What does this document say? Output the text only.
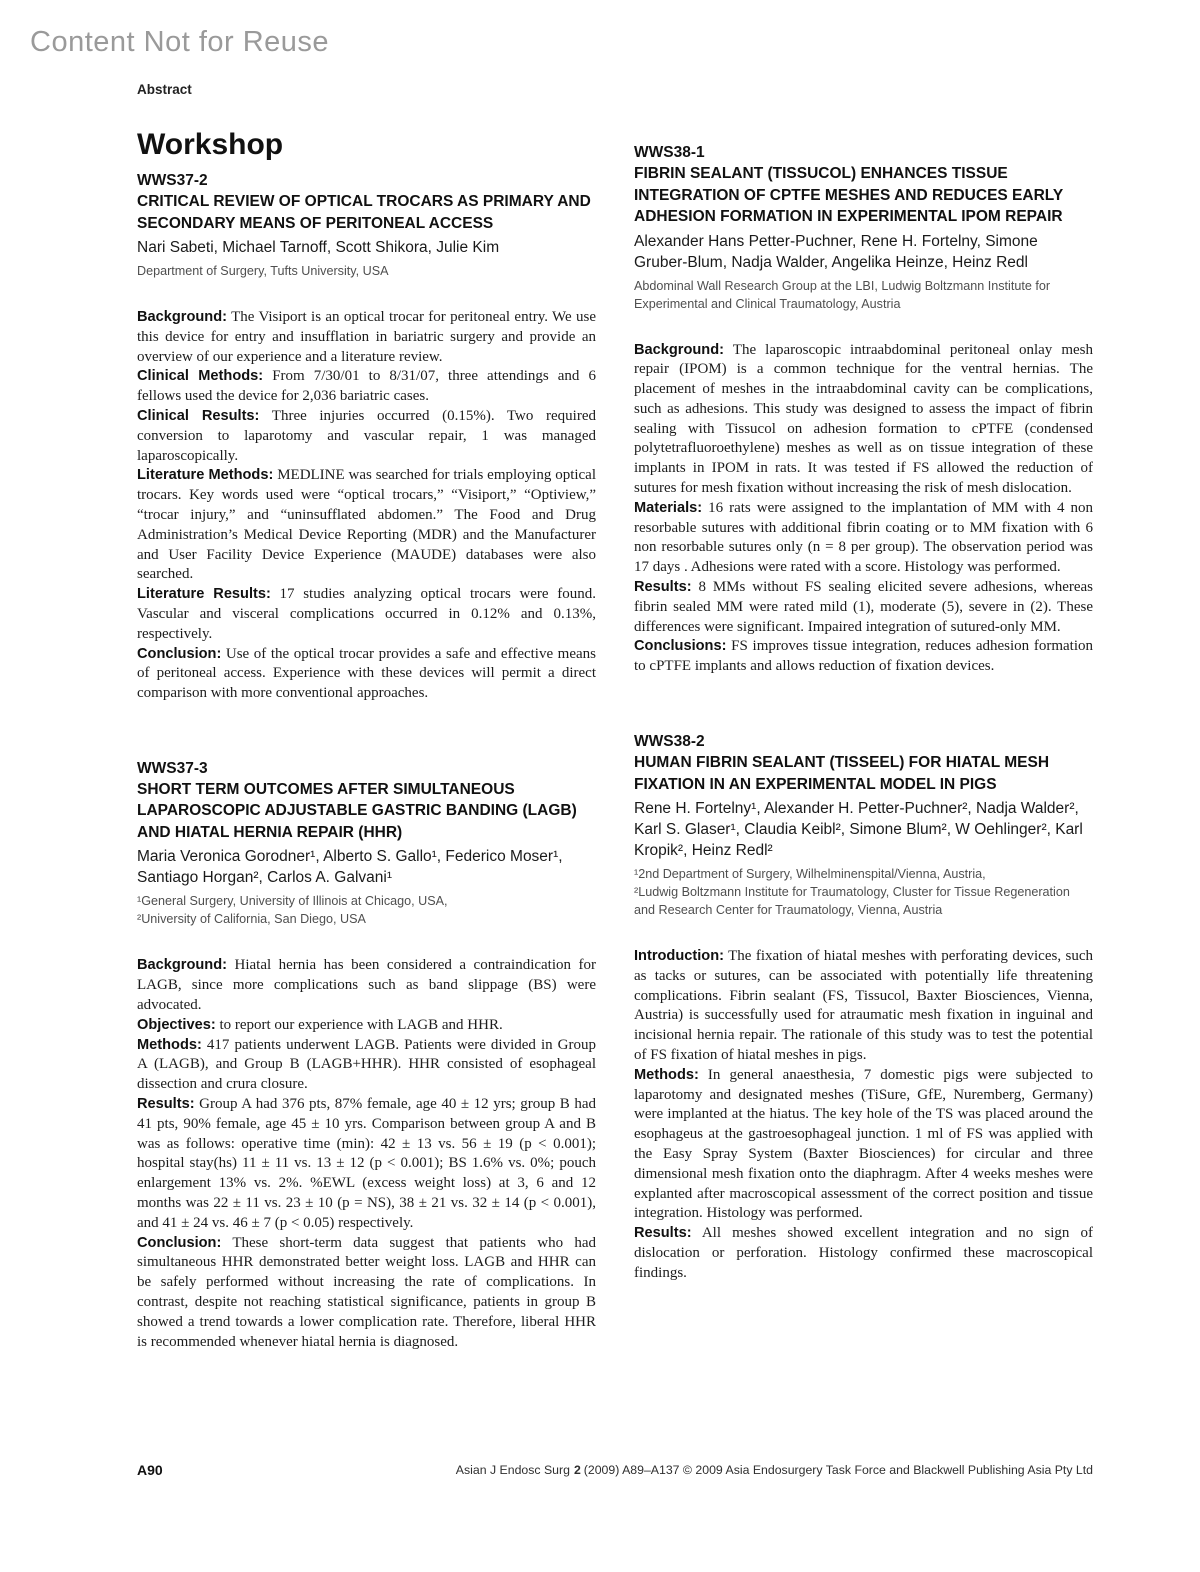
Content Not for Reuse
Abstract
Workshop
WWS37-2
CRITICAL REVIEW OF OPTICAL TROCARS AS PRIMARY AND SECONDARY MEANS OF PERITONEAL ACCESS
Nari Sabeti, Michael Tarnoff, Scott Shikora, Julie Kim
Department of Surgery, Tufts University, USA

Background: The Visiport is an optical trocar for peritoneal entry. We use this device for entry and insufflation in bariatric surgery and provide an overview of our experience and a literature review.

Clinical Methods: From 7/30/01 to 8/31/07, three attendings and 6 fellows used the device for 2,036 bariatric cases.

Clinical Results: Three injuries occurred (0.15%). Two required conversion to laparotomy and vascular repair, 1 was managed laparoscopically.

Literature Methods: MEDLINE was searched for trials employing optical trocars. Key words used were “optical trocars,” “Visiport,” “Optiview,” “trocar injury,” and “uninsufflated abdomen.” The Food and Drug Administration’s Medical Device Reporting (MDR) and the Manufacturer and User Facility Device Experience (MAUDE) databases were also searched.

Literature Results: 17 studies analyzing optical trocars were found. Vascular and visceral complications occurred in 0.12% and 0.13%, respectively.

Conclusion: Use of the optical trocar provides a safe and effective means of peritoneal access. Experience with these devices will permit a direct comparison with more conventional approaches.

WWS37-3
SHORT TERM OUTCOMES AFTER SIMULTANEOUS LAPAROSCOPIC ADJUSTABLE GASTRIC BANDING (LAGB) AND HIATAL HERNIA REPAIR (HHR)
Maria Veronica Gorodner¹, Alberto S. Gallo¹, Federico Moser¹, Santiago Horgan², Carlos A. Galvani¹
¹General Surgery, University of Illinois at Chicago, USA,
²University of California, San Diego, USA

Background: Hiatal hernia has been considered a contraindication for LAGB, since more complications such as band slippage (BS) were advocated.

Objectives: to report our experience with LAGB and HHR.

Methods: 417 patients underwent LAGB. Patients were divided in Group A (LAGB), and Group B (LAGB+HHR). HHR consisted of esophageal dissection and crura closure.

Results: Group A had 376 pts, 87% female, age 40 ± 12 yrs; group B had 41 pts, 90% female, age 45 ± 10 yrs. Comparison between group A and B was as follows: operative time (min): 42 ± 13 vs. 56 ± 19 (p < 0.001); hospital stay(hs) 11 ± 11 vs. 13 ± 12 (p < 0.001); BS 1.6% vs. 0%; pouch enlargement 13% vs. 2%. %EWL (excess weight loss) at 3, 6 and 12 months was 22 ± 11 vs. 23 ± 10 (p = NS), 38 ± 21 vs. 32 ± 14 (p < 0.001), and 41 ± 24 vs. 46 ± 7 (p < 0.05) respectively.

Conclusion: These short-term data suggest that patients who had simultaneous HHR demonstrated better weight loss. LAGB and HHR can be safely performed without increasing the rate of complications. In contrast, despite not reaching statistical significance, patients in group B showed a trend towards a lower complication rate. Therefore, liberal HHR is recommended whenever hiatal hernia is diagnosed.

WWS38-1
FIBRIN SEALANT (TISSUCOL) ENHANCES TISSUE INTEGRATION OF CPTFE MESHES AND REDUCES EARLY ADHESION FORMATION IN EXPERIMENTAL IPOM REPAIR
Alexander Hans Petter-Puchner, Rene H. Fortelny, Simone Gruber-Blum, Nadja Walder, Angelika Heinze, Heinz Redl
Abdominal Wall Research Group at the LBI, Ludwig Boltzmann Institute for Experimental and Clinical Traumatology, Austria

Background: The laparoscopic intraabdominal peritoneal onlay mesh repair (IPOM) is a common technique for the ventral hernias. The placement of meshes in the intraabdominal cavity can be complications, such as adhesions. This study was designed to assess the impact of fibrin sealing with Tissucol on adhesion formation to cPTFE (condensed polytetrafluoroethylene) meshes as well as on tissue integration of these implants in IPOM in rats. It was tested if FS allowed the reduction of sutures for mesh fixation without increasing the risk of mesh dislocation.

Materials: 16 rats were assigned to the implantation of MM with 4 non resorbable sutures with additional fibrin coating or to MM fixation with 6 non resorbable sutures only (n = 8 per group). The observation period was 17 days . Adhesions were rated with a score. Histology was performed.

Results: 8 MMs without FS sealing elicited severe adhesions, whereas fibrin sealed MM were rated mild (1), moderate (5), severe in (2). These differences were significant. Impaired integration of sutured-only MM.

Conclusions: FS improves tissue integration, reduces adhesion formation to cPTFE implants and allows reduction of fixation devices.

WWS38-2
HUMAN FIBRIN SEALANT (TISSEEL) FOR HIATAL MESH FIXATION IN AN EXPERIMENTAL MODEL IN PIGS
Rene H. Fortelny¹, Alexander H. Petter-Puchner², Nadja Walder², Karl S. Glaser¹, Claudia Keibl², Simone Blum², W Oehlinger², Karl Kropik², Heinz Redl²
¹2nd Department of Surgery, Wilhelminenspital/Vienna, Austria,
²Ludwig Boltzmann Institute for Traumatology, Cluster for Tissue Regeneration and Research Center for Traumatology, Vienna, Austria

Introduction: The fixation of hiatal meshes with perforating devices, such as tacks or sutures, can be associated with potentially life threatening complications. Fibrin sealant (FS, Tissucol, Baxter Biosciences, Vienna, Austria) is successfully used for atraumatic mesh fixation in inguinal and incisional hernia repair. The rationale of this study was to test the potential of FS fixation of hiatal meshes in pigs.

Methods: In general anaesthesia, 7 domestic pigs were subjected to laparotomy and designated meshes (TiSure, GfE, Nuremberg, Germany) were implanted at the hiatus. The key hole of the TS was placed around the esophageus at the gastroesophageal junction. 1 ml of FS was applied with the Easy Spray System (Baxter Biosciences) for circular and three dimensional mesh fixation onto the diaphragm. After 4 weeks meshes were explanted after macroscopical assessment of the correct position and tissue integration. Histology was performed.

Results: All meshes showed excellent integration and no sign of dislocation or perforation. Histology confirmed these macroscopical findings.

A90	Asian J Endosc Surg 2 (2009) A89–A137 © 2009 Asia Endosurgery Task Force and Blackwell Publishing Asia Pty Ltd
